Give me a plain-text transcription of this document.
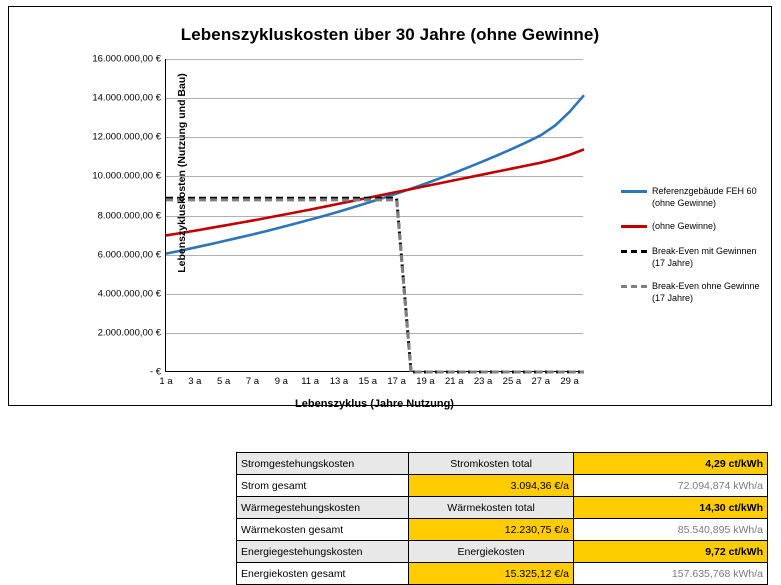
Lebenszykluskosten über 30 Jahre (ohne Gewinne)
- €
2.000.000,00 €
4.000.000,00 €
6.000.000,00 €
8.000.000,00 €
10.000.000,00 €
12.000.000,00 €
14.000.000,00 €
16.000.000,00 €
1 a 3 a 5 a 7 a 9 a 11 a 13 a 15 a 17 a 19 a 21 a 23 a 25 a 27 a 29 a
Lebenszykluskosten (Nutzung und Bau)
Lebenszyklus (Jahre Nutzung)
Referenzgebäude FEH 60 (ohne Gewinne)
(ohne Gewinne)
Break-Even mit Gewinnen (17 Jahre)
Break-Even ohne Gewinne (17 Jahre)
Stromgestehungskosten	Stromkosten total	4,29 ct/kWh
Strom gesamt	3.094,36 €/a	72.094,874 kWh/a
Wärmegestehungskosten	Wärmekosten total	14,30 ct/kWh
Wärmekosten gesamt	12.230,75 €/a	85.540,895 kWh/a
Energiegestehungskosten	Energiekosten	9,72 ct/kWh
Energiekosten gesamt	15.325,12 €/a	157.635,768 kWh/a
